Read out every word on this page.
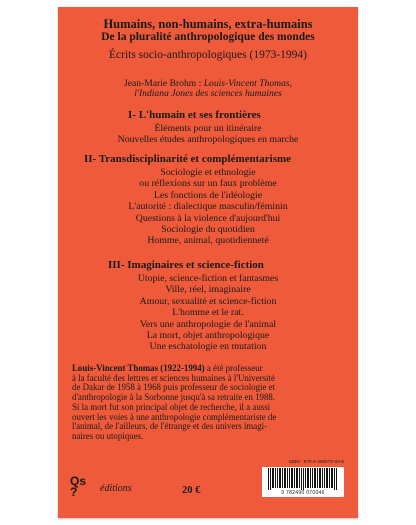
Humains, non-humains, extra-humains
De la pluralité anthropologique des mondes
Écrits socio-anthropologiques (1973-1994)
Jean-Marie Brohm : Louis-Vincent Thomas,
l'Indiana Jones des sciences humaines
I- L'humain et ses frontières
Éléments pour un itinéraire
Nouvelles études anthropologiques en marche
II- Transdisciplinarité et complémentarisme
Sociologie et ethnologie
ou réflexions sur un faux problème
Les fonctions de l'idéologie
L'autorité : dialectique masculin/féminin
Questions à la violence d'aujourd'hui
Sociologie du quotidien
Homme, animal, quotidienneté
III- Imaginaires et science-fiction
Utopie, science-fiction et fantasmes
Ville, réel, imaginaire
Amour, sexualité et science-fiction
L'homme et le rat.
Vers une anthropologie de l'animal
La mort, objet anthropologique
Une eschatologie en mutation
Louis-Vincent Thomas (1922-1994) a été professeur
à la faculté des lettres et sciences humaines à l'Université
de Dakar de 1958 à 1968 puis professeur de sociologie et
d'anthropologie à la Sorbonne jusqu'à sa retraite en 1988.
Si la mort fut son principal objet de recherche, il a aussi
ouvert les voies à une anthropologie complémentariste de
l'animal, de l'ailleurs, de l'étrange et des univers imagi-
naires ou utopiques.
ISBN : 978-2-490070-04-6
9 782490 070046
Qs
?	éditions	20 €
